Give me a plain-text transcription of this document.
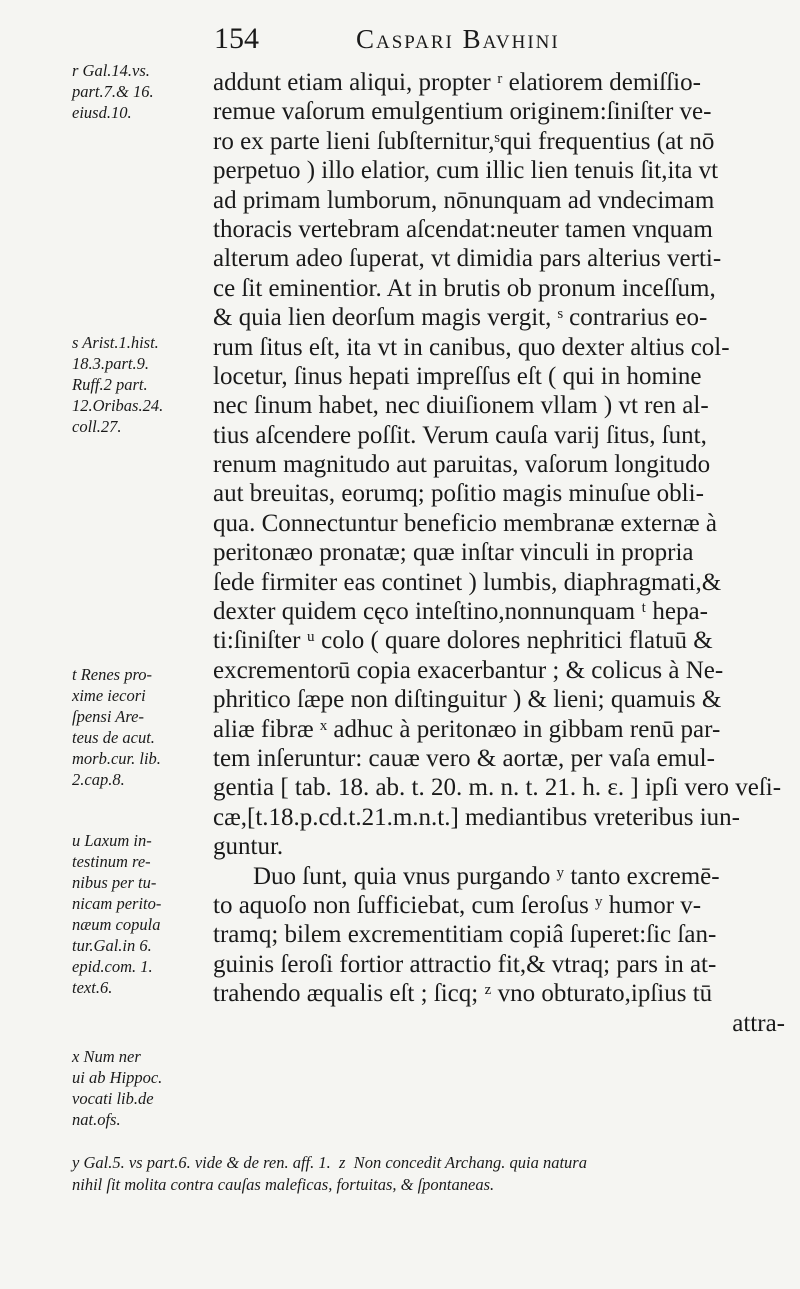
154	Caspari Bavhini
r Gal.14.vs.
part.7.& 16.
eiusd.10.
s Arist.1.hist.
18.3.part.9.
Ruff.2 part.
12.Oribas.24.
coll.27.
t Renes pro-
xime iecori
ſpensi Are-
teus de acut.
morb.cur. lib.
2.cap.8.
u Laxum in-
testinum re-
nibus per tu-
nicam perito-
næum copula
tur.Gal.in 6.
epid.com. 1.
text.6.
x Num ner
ui ab Hippoc.
vocati lib.de
nat.ofs.
addunt etiam aliqui, propter ʳ elatiorem demiſſio-
remue vaſorum emulgentium originem:ſiniſter ve-
ro ex parte lieni ſubſternitur,ˢqui frequentius (at nō
perpetuo ) illo elatior, cum illic lien tenuis ſit,ita vt
ad primam lumborum, nōnunquam ad vndecimam
thoracis vertebram aſcendat:neuter tamen vnquam
alterum adeo ſuperat, vt dimidia pars alterius verti-
ce ſit eminentior. At in brutis ob pronum inceſſum,
& quia lien deorſum magis vergit, ˢ contrarius eo-
rum ſitus eſt, ita vt in canibus, quo dexter altius col-
locetur, ſinus hepati impreſſus eſt ( qui in homine
nec ſinum habet, nec diuiſionem vllam ) vt ren al-
tius aſcendere poſſit. Verum cauſa varij ſitus, ſunt,
renum magnitudo aut paruitas, vaſorum longitudo
aut breuitas, eorumq; poſitio magis minuſue obli-
qua. Connectuntur beneficio membranæ externæ à
peritonæo pronatæ; quæ inſtar vinculi in propria
ſede firmiter eas continet ) lumbis, diaphragmati,&
dexter quidem cęco inteſtino,nonnunquam ᵗ hepa-
ti:ſiniſter ᵘ colo ( quare dolores nephritici flatuū &
excrementorū copia exacerbantur ; & colicus à Ne-
phritico ſæpe non diſtinguitur ) & lieni; quamuis &
aliæ fibræ ˣ adhuc à peritonæo in gibbam renū par-
tem inſeruntur: cauæ vero & aortæ, per vaſa emul-
gentia [ tab. 18. ab. t. 20. m. n. t. 21. h. ε. ] ipſi vero veſi-
cæ,[t.18.p.cd.t.21.m.n.t.] mediantibus vreteribus iun-
guntur.
Duo ſunt, quia vnus purgando ʸ tanto excremē-
to aquoſo non ſufficiebat, cum ſeroſus ʸ humor v-
tramq; bilem excrementitiam copiâ ſuperet:ſic ſan-
guinis ſeroſi fortior attractio fit,& vtraq; pars in at-
trahendo æqualis eſt ; ſicq; ᶻ vno obturato,ipſius tū
attra-
y Gal.5. vs part.6. vide & de ren. aff. 1.  z  Non concedit Archang. quia natura
nihil ſit molita contra cauſas maleficas, fortuitas, & ſpontaneas.
